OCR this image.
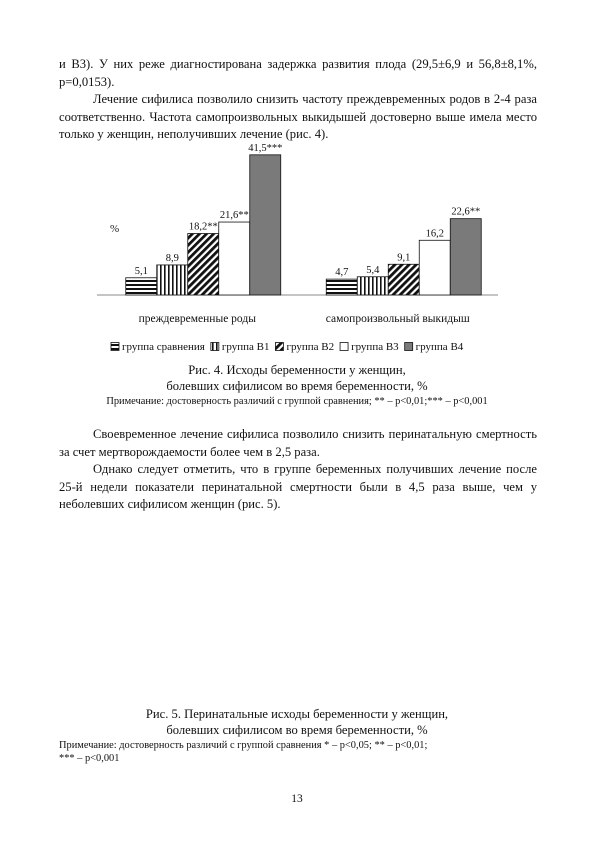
и В3). У них реже диагностирована задержка развития плода (29,5±6,9 и 56,8±8,1%, p=0,0153).

Лечение сифилиса позволило снизить частоту преждевременных родов в 2-4 раза соответственно. Частота самопроизвольных выкидышей достоверно выше имела место только у женщин, неполучивших лечение (рис. 4).

%
5,1
8,9
18,2**
21,6**
41,5***
преждевременные роды
4,7 5,4
9,1
16,2
22,6**
самопроизвольный выкидыш
группа сравнения группа В1 группа В2 группа В3 группа В4

Рис. 4. Исходы беременности у женщин,

болевших сифилисом во время беременности, %

Примечание: достоверность различий с группой сравнения; ** – p<0,01;*** – p<0,001

Своевременное лечение сифилиса позволило снизить перинатальную смертность за счет мертворождаемости более чем в 2,5 раза.

Однако следует отметить, что в группе беременных получивших лечение после 25-й недели показатели перинатальной смертности были в 4,5 раза выше, чем у неболевших сифилисом женщин (рис. 5).

Рис. 5. Перинатальные исходы беременности у женщин,

болевших сифилисом во время беременности, %

Примечание: достоверность различий с группой сравнения * – p<0,05; ** – p<0,01;

*** – p<0,001

13
